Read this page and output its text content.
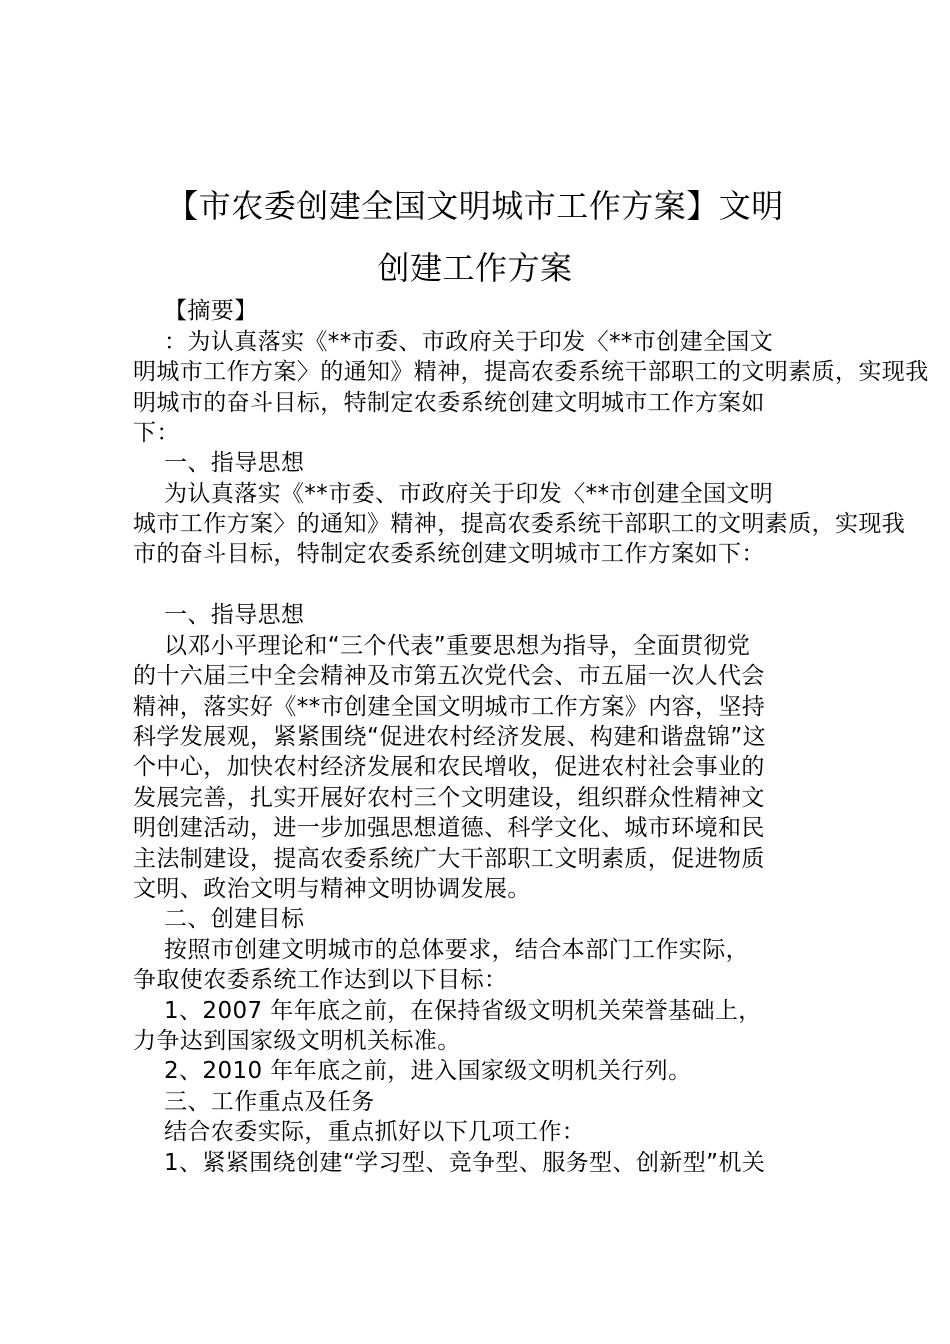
【市农委创建全国文明城市工作方案】文明
创建工作方案
【摘要】
：为认真落实《**市委、市政府关于印发〈**市创建全国文
明城市工作方案〉的通知》精神，提高农委系统干部职工的文明素质，实现我
明城市的奋斗目标，特制定农委系统创建文明城市工作方案如
下：
一、指导思想
为认真落实《**市委、市政府关于印发〈**市创建全国文明
城市工作方案〉的通知》精神，提高农委系统干部职工的文明素质，实现我
市的奋斗目标，特制定农委系统创建文明城市工作方案如下：
一、指导思想
以邓小平理论和“三个代表”重要思想为指导，全面贯彻党
的十六届三中全会精神及市第五次党代会、市五届一次人代会
精神，落实好《**市创建全国文明城市工作方案》内容，坚持
科学发展观，紧紧围绕“促进农村经济发展、构建和谐盘锦”这
个中心，加快农村经济发展和农民增收，促进农村社会事业的
发展完善，扎实开展好农村三个文明建设，组织群众性精神文
明创建活动，进一步加强思想道德、科学文化、城市环境和民
主法制建设，提高农委系统广大干部职工文明素质，促进物质
文明、政治文明与精神文明协调发展。
二、创建目标
按照市创建文明城市的总体要求，结合本部门工作实际，
争取使农委系统工作达到以下目标：
1、2007 年年底之前，在保持省级文明机关荣誉基础上，
力争达到国家级文明机关标准。
2、2010 年年底之前，进入国家级文明机关行列。
三、工作重点及任务
结合农委实际，重点抓好以下几项工作：
1、紧紧围绕创建“学习型、竞争型、服务型、创新型”机关
